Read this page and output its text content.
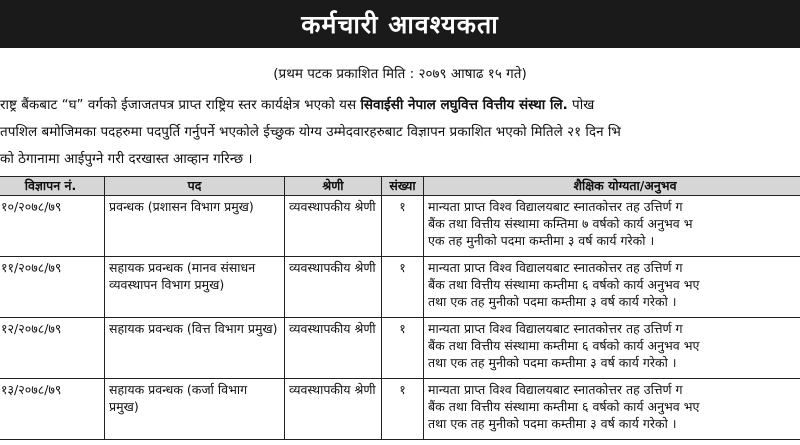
कर्मचारी आवश्यकता
(प्रथम पटक प्रकाशित मिति : २०७९ आषाढ १५ गते)
राष्ट्र बैंकबाट “घ” वर्गको ईजाजतपत्र प्राप्त राष्ट्रिय स्तर कार्यक्षेत्र भएको यस सिवाईसी नेपाल लघुवित्त वित्तीय संस्था लि. पोख
तपशिल बमोजिमका पदहरुमा पदपुर्ति गर्नुपर्ने भएकोले ईच्छुक योग्य उम्मेदवारहरुबाट विज्ञापन प्रकाशित भएको मितिले २१ दिन भि
को ठेगानामा आईपुग्ने गरी दरखास्त आव्हान गरिन्छ ।
विज्ञापन नं.	पद	श्रेणी	संख्या	शैक्षिक योग्यता/अनुभव
१०/२०७८/७९	प्रवन्धक (प्रशासन विभाग प्रमुख)	व्यवस्थापकीय श्रेणी	१	मान्यता प्राप्त विश्व विद्यालयबाट स्नातकोत्तर तह उत्तिर्ण ग
बैंक तथा वित्तीय संस्थामा कम्तिमा ७ वर्षको कार्य अनुभव भ
एक तह मुनीको पदमा कम्तीमा ३ वर्ष कार्य गरेको ।

११/२०७८/७९	सहायक प्रवन्धक (मानव संसाधन व्यवस्थापन विभाग प्रमुख)	व्यवस्थापकीय श्रेणी	१	मान्यता प्राप्त विश्व विद्यालयबाट स्नातकोत्तर तह उत्तिर्ण ग
बैंक तथा वित्तीय संस्थामा कम्तीमा ६ वर्षको कार्य अनुभव भए
तथा एक तह मुनीको पदमा कम्तीमा ३ वर्ष कार्य गरेको ।

१२/२०७८/७९	सहायक प्रवन्धक (वित्त विभाग प्रमुख)	व्यवस्थापकीय श्रेणी	१	मान्यता प्राप्त विश्व विद्यालयबाट स्नातकोत्तर तह उत्तिर्ण ग
बैंक तथा वित्तीय संस्थामा कम्तीमा ६ वर्षको कार्य अनुभव भए
तथा एक तह मुनीको पदमा कम्तीमा ३ वर्ष कार्य गरेको ।

१३/२०७८/७९	सहायक प्रवन्धक (कर्जा विभाग प्रमुख)	व्यवस्थापकीय श्रेणी	१	मान्यता प्राप्त विश्व विद्यालयबाट स्नातकोत्तर तह उत्तिर्ण ग
बैंक तथा वित्तीय संस्थामा कम्तीमा ६ वर्षको कार्य अनुभव भए
तथा एक तह मुनीको पदमा कम्तीमा ३ वर्ष कार्य गरेको ।
